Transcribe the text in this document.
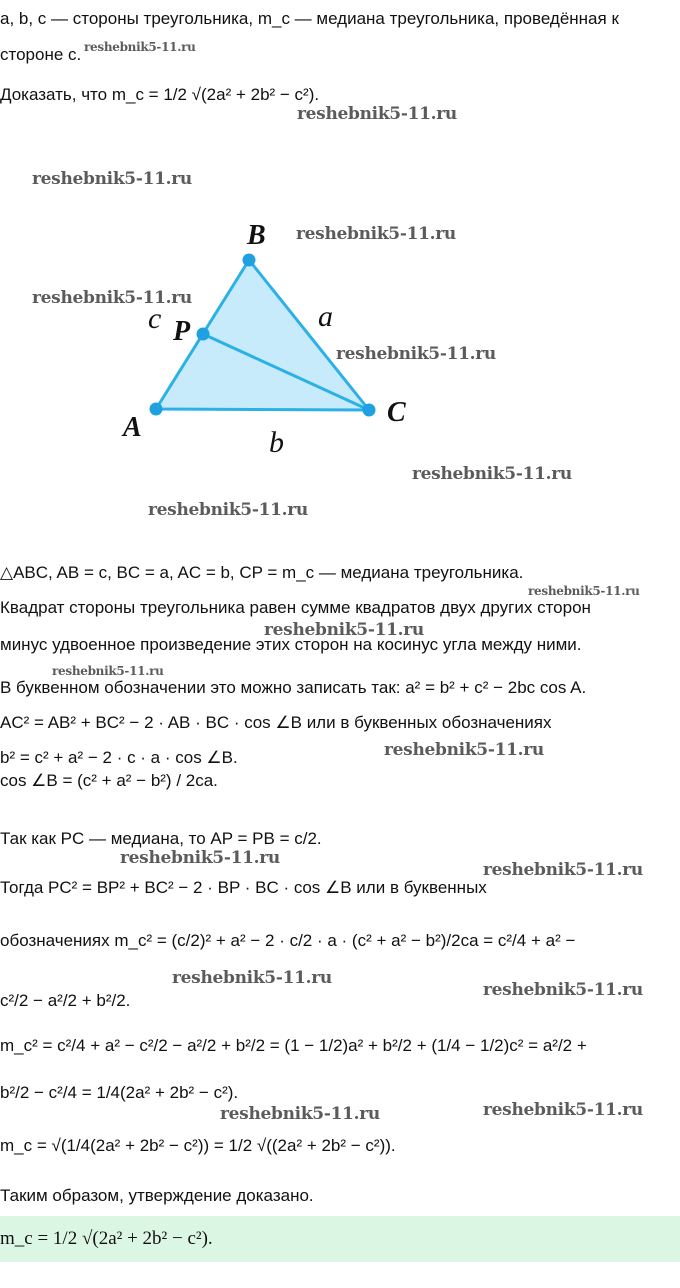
a, b, c — стороны треугольника, m_c — медиана треугольника, проведённая к
стороне c.
Доказать, что m_c = 1/2 √(2a² + 2b² − c²).
B
P
A	C
c	a
b
△ABC, AB = c, BC = a, AC = b, CP = m_c — медиана треугольника.
Квадрат стороны треугольника равен сумме квадратов двух других сторон
минус удвоенное произведение этих сторон на косинус угла между ними.
В буквенном обозначении это можно записать так: a² = b² + c² − 2bc cos A.
AC² = AB² + BC² − 2 · AB · BC · cos ∠B или в буквенных обозначениях
b² = c² + a² − 2 · c · a · cos ∠B.
cos ∠B = (c² + a² − b²) / 2ca.
Так как PC — медиана, то AP = PB = c/2.
Тогда PC² = BP² + BC² − 2 · BP · BC · cos ∠B или в буквенных
обозначениях m_c² = (c/2)² + a² − 2 · c/2 · a · (c² + a² − b²)/2ca = c²/4 + a² −
c²/2 − a²/2 + b²/2.
m_c² = c²/4 + a² − c²/2 − a²/2 + b²/2 = (1 − 1/2)a² + b²/2 + (1/4 − 1/2)c² = a²/2 +
b²/2 − c²/4 = 1/4(2a² + 2b² − c²).
m_c = √(1/4(2a² + 2b² − c²)) = 1/2 √((2a² + 2b² − c²)).
Таким образом, утверждение доказано.
m_c = 1/2 √(2a² + 2b² − c²).
reshebnik5-11.ru
reshebnik5-11.ru
reshebnik5-11.ru
reshebnik5-11.ru
reshebnik5-11.ru
reshebnik5-11.ru
reshebnik5-11.ru
reshebnik5-11.ru
reshebnik5-11.ru
reshebnik5-11.ru
reshebnik5-11.ru
reshebnik5-11.ru
reshebnik5-11.ru
reshebnik5-11.ru
reshebnik5-11.ru
reshebnik5-11.ru
reshebnik5-11.ru	reshebnik5-11.ru
